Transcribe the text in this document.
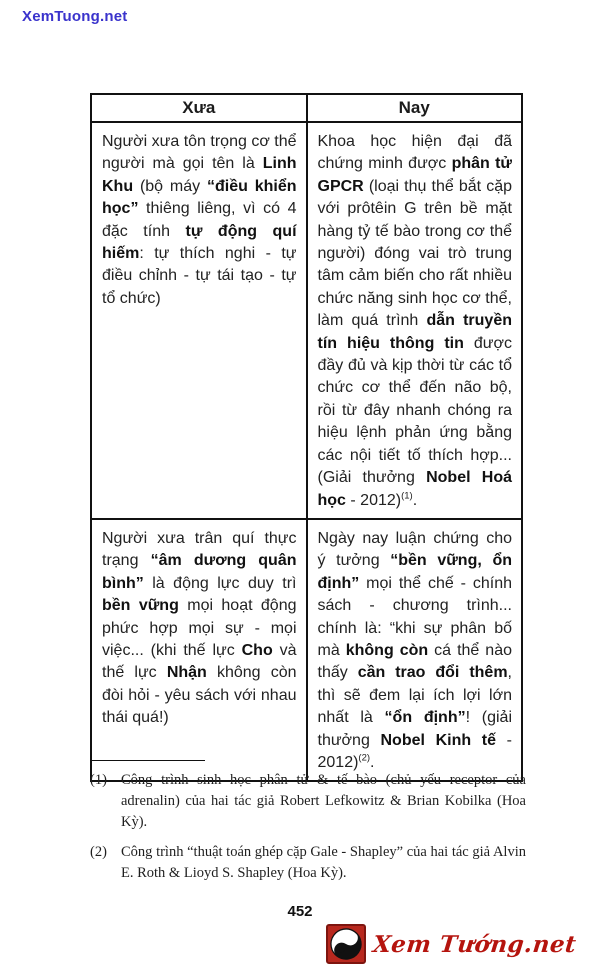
XemTuong.net
Xưa	Nay
Người xưa tôn trọng cơ thể người mà gọi tên là Linh Khu (bộ máy “điều khiển học” thiêng liêng, vì có 4 đặc tính tự động quí hiếm: tự thích nghi - tự điều chỉnh - tự tái tạo - tự tổ chức)	Khoa học hiện đại đã chứng minh được phân tử GPCR (loại thụ thể bắt cặp với prôtêin G trên bề mặt hàng tỷ tế bào trong cơ thể người) đóng vai trò trung tâm cảm biến cho rất nhiều chức năng sinh học cơ thể, làm quá trình dẫn truyền tín hiệu thông tin được đầy đủ và kịp thời từ các tổ chức cơ thể đến não bộ, rồi từ đây nhanh chóng ra hiệu lệnh phản ứng bằng các nội tiết tố thích hợp... (Giải thưởng Nobel Hoá học - 2012)$^{(1)}$.
Người xưa trân quí thực trạng “âm dương quân bình” là động lực duy trì bền vững mọi hoạt động phức hợp mọi sự - mọi việc... (khi thế lực Cho và thế lực Nhận không còn đòi hỏi - yêu sách với nhau thái quá!)	Ngày nay luận chứng cho ý tưởng “bền vững, ổn định” mọi thể chế - chính sách - chương trình... chính là: “khi sự phân bố mà không còn cá thể nào thấy cần trao đổi thêm, thì sẽ đem lại ích lợi lớn nhất là “ổn định”! (giải thưởng Nobel Kinh tế - 2012)$^{(2)}$.
(1) Công trình sinh học phân tử & tế bào (chủ yếu receptor của adrenalin) của hai tác giả Robert Lefkowitz & Brian Kobilka (Hoa Kỳ).
(2) Công trình “thuật toán ghép cặp Gale - Shapley” của hai tác giả Alvin E. Roth & Lioyd S. Shapley (Hoa Kỳ).
452
Xem Tướng.net
